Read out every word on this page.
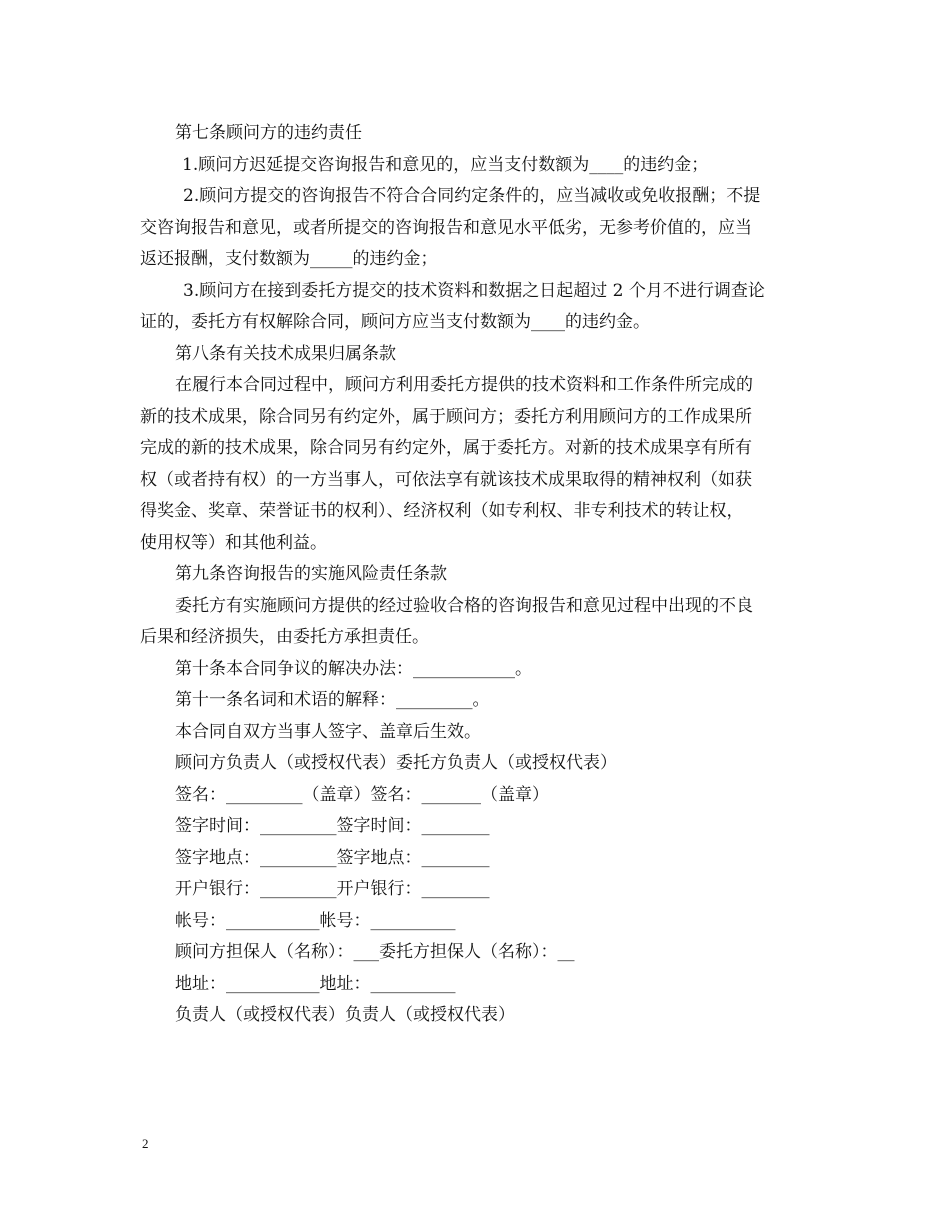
第七条顾问方的违约责任
1.顾问方迟延提交咨询报告和意见的，应当支付数额为____的违约金；
2.顾问方提交的咨询报告不符合合同约定条件的，应当减收或免收报酬；不提
交咨询报告和意见，或者所提交的咨询报告和意见水平低劣，无参考价值的，应当
返还报酬，支付数额为_____的违约金；
3.顾问方在接到委托方提交的技术资料和数据之日起超过 2 个月不进行调查论
证的，委托方有权解除合同，顾问方应当支付数额为____的违约金。
第八条有关技术成果归属条款
在履行本合同过程中，顾问方利用委托方提供的技术资料和工作条件所完成的
新的技术成果，除合同另有约定外，属于顾问方；委托方利用顾问方的工作成果所
完成的新的技术成果，除合同另有约定外，属于委托方。对新的技术成果享有所有
权（或者持有权）的一方当事人，可依法享有就该技术成果取得的精神权利（如获
得奖金、奖章、荣誉证书的权利）、经济权利（如专利权、非专利技术的转让权，
使用权等）和其他利益。
第九条咨询报告的实施风险责任条款
委托方有实施顾问方提供的经过验收合格的咨询报告和意见过程中出现的不良
后果和经济损失，由委托方承担责任。
第十条本合同争议的解决办法：____________。
第十一条名词和术语的解释：_________。
本合同自双方当事人签字、盖章后生效。
顾问方负责人（或授权代表）委托方负责人（或授权代表）
签名：_________（盖章）签名：_______（盖章）
签字时间：_________签字时间：________
签字地点：_________签字地点：________
开户银行：_________开户银行：________
帐号：___________帐号：__________
顾问方担保人（名称）：___委托方担保人（名称）：__
地址：___________地址：__________
负责人（或授权代表）负责人（或授权代表）
2
